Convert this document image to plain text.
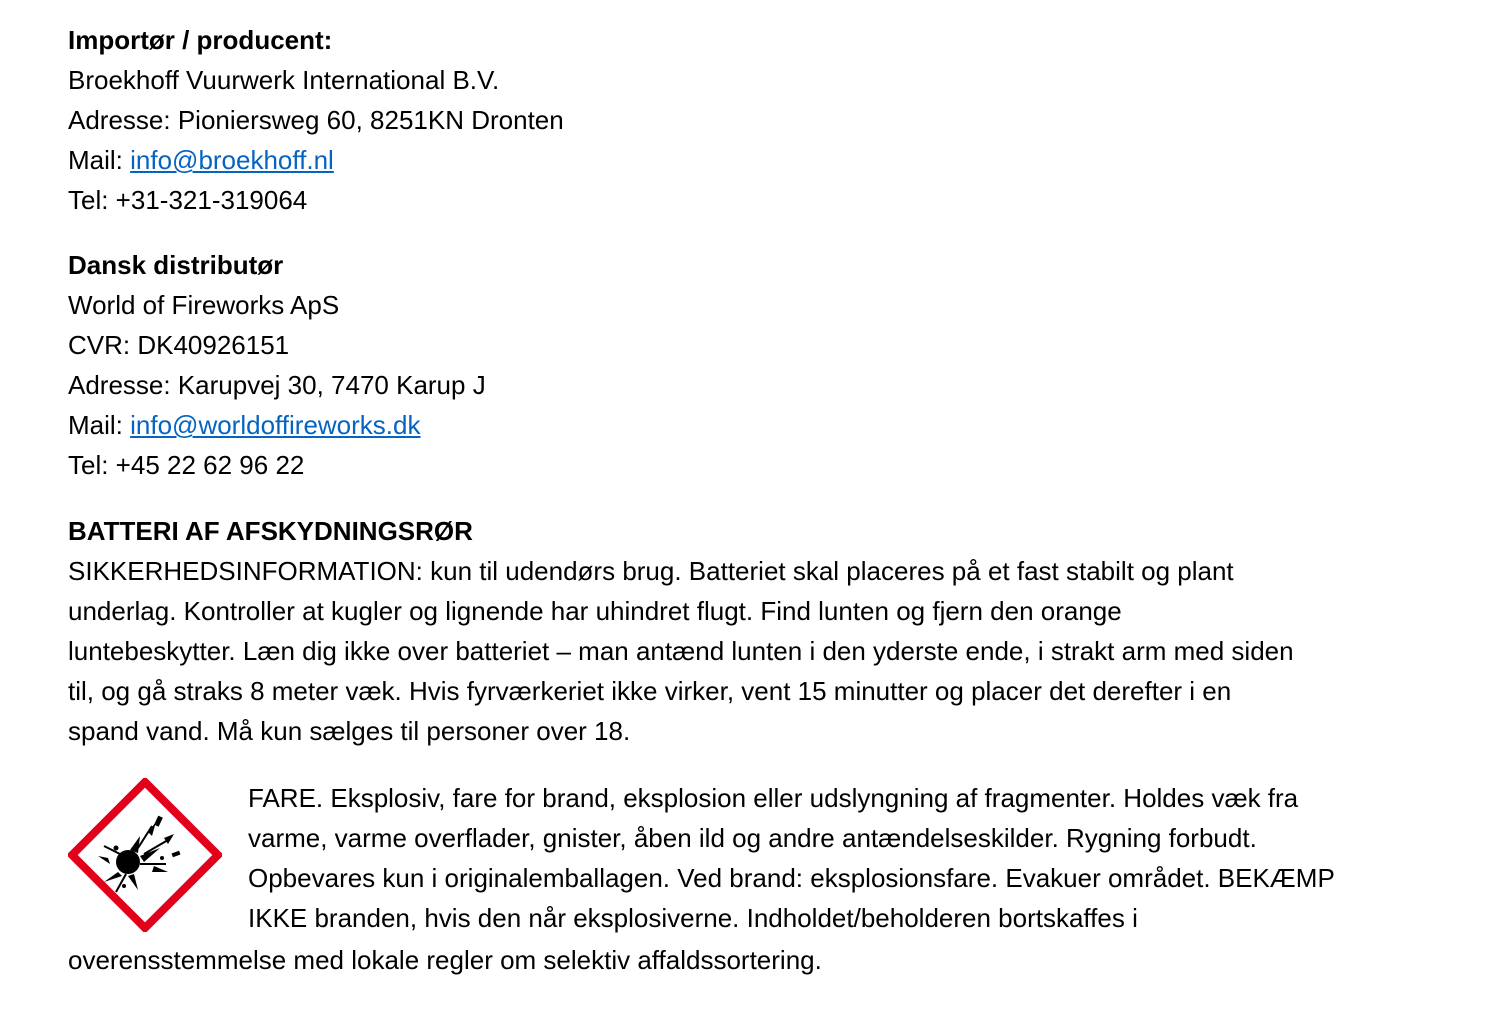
Importør / producent:
Broekhoff Vuurwerk International B.V.
Adresse: Pioniersweg 60, 8251KN Dronten
Mail: info@broekhoff.nl
Tel: +31-321-319064
Dansk distributør
World of Fireworks ApS
CVR: DK40926151
Adresse: Karupvej 30, 7470 Karup J
Mail: info@worldoffireworks.dk
Tel: +45 22 62 96 22
BATTERI AF AFSKYDNINGSRØR
SIKKERHEDSINFORMATION: kun til udendørs brug. Batteriet skal placeres på et fast stabilt og plant
underlag. Kontroller at kugler og lignende har uhindret flugt. Find lunten og fjern den orange
luntebeskytter. Læn dig ikke over batteriet – man antænd lunten i den yderste ende, i strakt arm med siden
til, og gå straks 8 meter væk. Hvis fyrværkeriet ikke virker, vent 15 minutter og placer det derefter i en
spand vand. Må kun sælges til personer over 18.
FARE. Eksplosiv, fare for brand, eksplosion eller udslyngning af fragmenter. Holdes væk fra
varme, varme overflader, gnister, åben ild og andre antændelseskilder. Rygning forbudt.
Opbevares kun i originalemballagen. Ved brand: eksplosionsfare. Evakuer området. BEKÆMP
IKKE branden, hvis den når eksplosiverne. Indholdet/beholderen bortskaffes i
overensstemmelse med lokale regler om selektiv affaldssortering.
